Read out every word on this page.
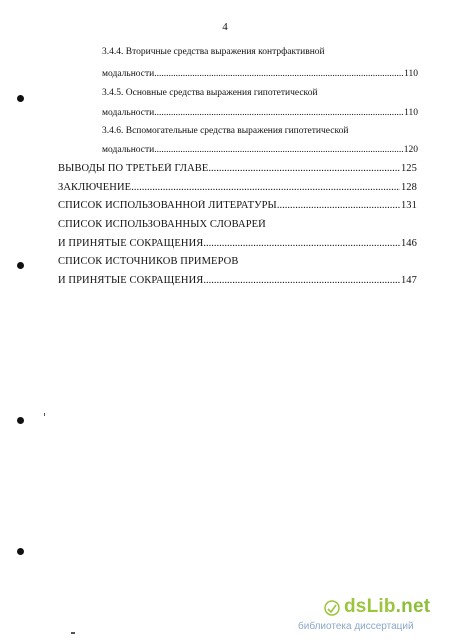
4
3.4.4. Вторичные средства выражения контрфактивной
модальности .....	110
3.4.5. Основные средства выражения гипотетической
модальности .....	110
3.4.6. Вспомогательные средства выражения гипотетической
модальности .....	120
ВЫВОДЫ ПО ТРЕТЬЕЙ ГЛАВЕ .....	125
ЗАКЛЮЧЕНИЕ .....	128
СПИСОК ИСПОЛЬЗОВАННОЙ ЛИТЕРАТУРЫ .....	131
СПИСОК ИСПОЛЬЗОВАННЫХ СЛОВАРЕЙ
И ПРИНЯТЫЕ СОКРАЩЕНИЯ .....	146
СПИСОК ИСТОЧНИКОВ ПРИМЕРОВ
И ПРИНЯТЫЕ СОКРАЩЕНИЯ .....	147
dsLib.net
библиотека диссертаций
